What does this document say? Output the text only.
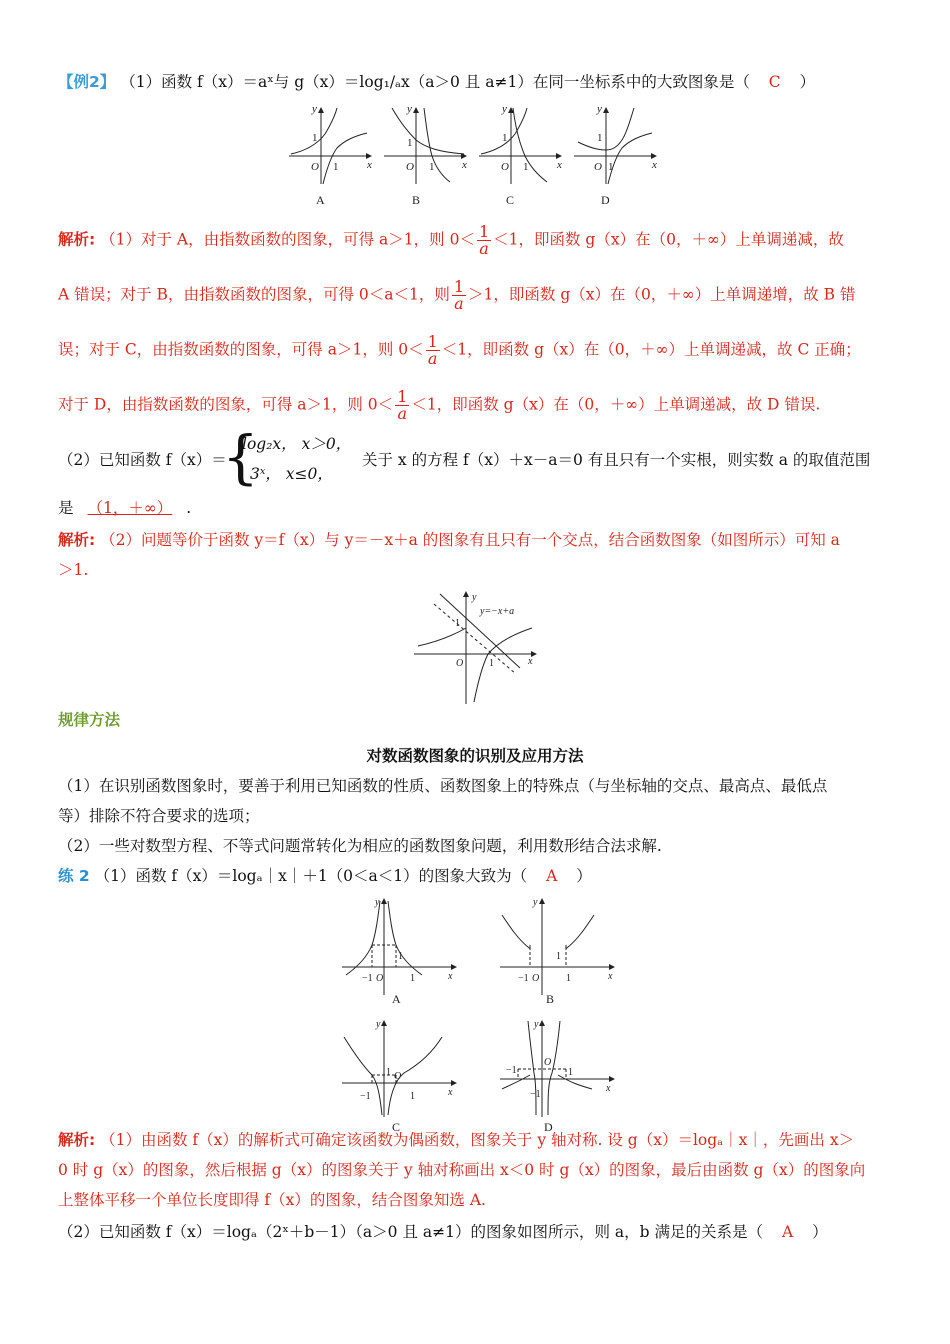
【例2】 （1）函数 f（x）＝aˣ与 g（x）＝log₁/ₐx（a＞0 且 a≠1）在同一坐标系中的大致图象是（ C ）
y
1
O 1	x
A
y
1
O 1	x
B
y
1
O 1	x
C
y
1
O 1	x
D
解析: （1）对于 A，由指数函数的图象，可得 a＞1，则 $0< \frac{1}{a} <1$，即函数 g（x）在（0，＋∞）上单调递减，故
A 错误；对于 B，由指数函数的图象，可得 0＜a＜1，则 $\frac{1}{a} >1$，即函数 g（x）在（0，＋∞）上单调递增，故 B 错
误；对于 C，由指数函数的图象，可得 a＞1，则 $0< \frac{1}{a} <1$，即函数 g（x）在（0，＋∞）上单调递减，故 C 正确；
对于 D，由指数函数的图象，可得 a＞1，则 $0< \frac{1}{a} <1$，即函数 g（x）在（0，＋∞）上单调递减，故 D 错误.
（2）已知函数 f（x）＝
{
log₂x， x＞0，
3ˣ， x≤0，
关于 x 的方程 f（x）＋x－a＝0 有且只有一个实根，则实数 a 的取值范围
是 （1，＋∞） .
解析: （2）问题等价于函数 y＝f（x）与 y＝－x＋a 的图象有且只有一个交点，结合函数图象（如图所示）可知 a
＞1.
y
y=−x+a
1
O	1	x
规律方法
对数函数图象的识别及应用方法
（1）在识别函数图象时，要善于利用已知函数的性质、函数图象上的特殊点（与坐标轴的交点、最高点、最低点
等）排除不符合要求的选项；
（2）一些对数型方程、不等式问题常转化为相应的函数图象问题，利用数形结合法求解.
练 2 （1）函数 f（x）＝logₐ｜x｜＋1（0＜a＜1）的图象大致为（ A ）
y
1
−1 O	1	x
A
y
1
−1 O	1	x
B
y
1 O
−1	1	x
C
y
−1
O
1
−1
x
D
解析: （1）由函数 f（x）的解析式可确定该函数为偶函数，图象关于 y 轴对称. 设 g（x）＝logₐ｜x｜，先画出 x＞
0 时 g（x）的图象，然后根据 g（x）的图象关于 y 轴对称画出 x＜0 时 g（x）的图象，最后由函数 g（x）的图象向
上整体平移一个单位长度即得 f（x）的图象，结合图象知选 A.
（2）已知函数 f（x）＝logₐ（2ˣ＋b－1）（a＞0 且 a≠1）的图象如图所示，则 a，b 满足的关系是（ A ）
